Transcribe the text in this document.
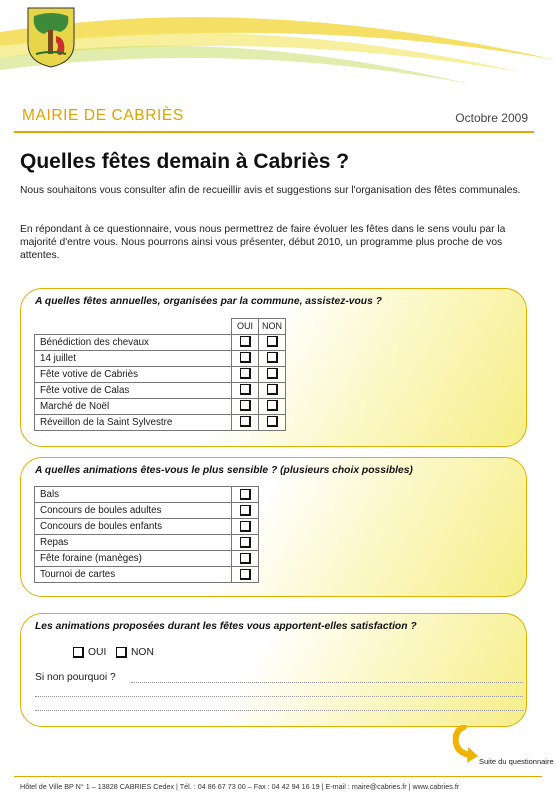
MAIRIE DE CABRIÈS	Octobre 2009
Quelles fêtes demain à Cabriès ?
Nous souhaitons vous consulter afin de recueillir avis et suggestions sur l'organisation des fêtes communales.
En répondant à ce questionnaire, vous nous permettrez de faire évoluer les fêtes dans le sens voulu par la majorité d'entre vous. Nous pourrons ainsi vous présenter, début 2010, un programme plus proche de vos attentes.
A quelles fêtes annuelles, organisées par la commune, assistez-vous ?
	OUI	NON
Bénédiction des chevaux		
14 juillet		
Fête votive de Cabriès		
Fête votive de Calas		
Marché de Noël		
Réveillon de la Saint Sylvestre		
A quelles animations êtes-vous le plus sensible ? (plusieurs choix possibles)
Bals	
Concours de boules adultes	
Concours de boules enfants	
Repas	
Fête foraine (manèges)	
Tournoi de cartes	
Les animations proposées durant les fêtes vous apportent-elles satisfaction ?
OUI NON
Si non pourquoi ?
Suite du questionnaire
Hôtel de Ville BP N° 1 – 13828 CABRIES Cedex | Tél. : 04 86 67 73 00 – Fax : 04 42 94 16 19 | E-mail : maire@cabries.fr | www.cabries.fr
